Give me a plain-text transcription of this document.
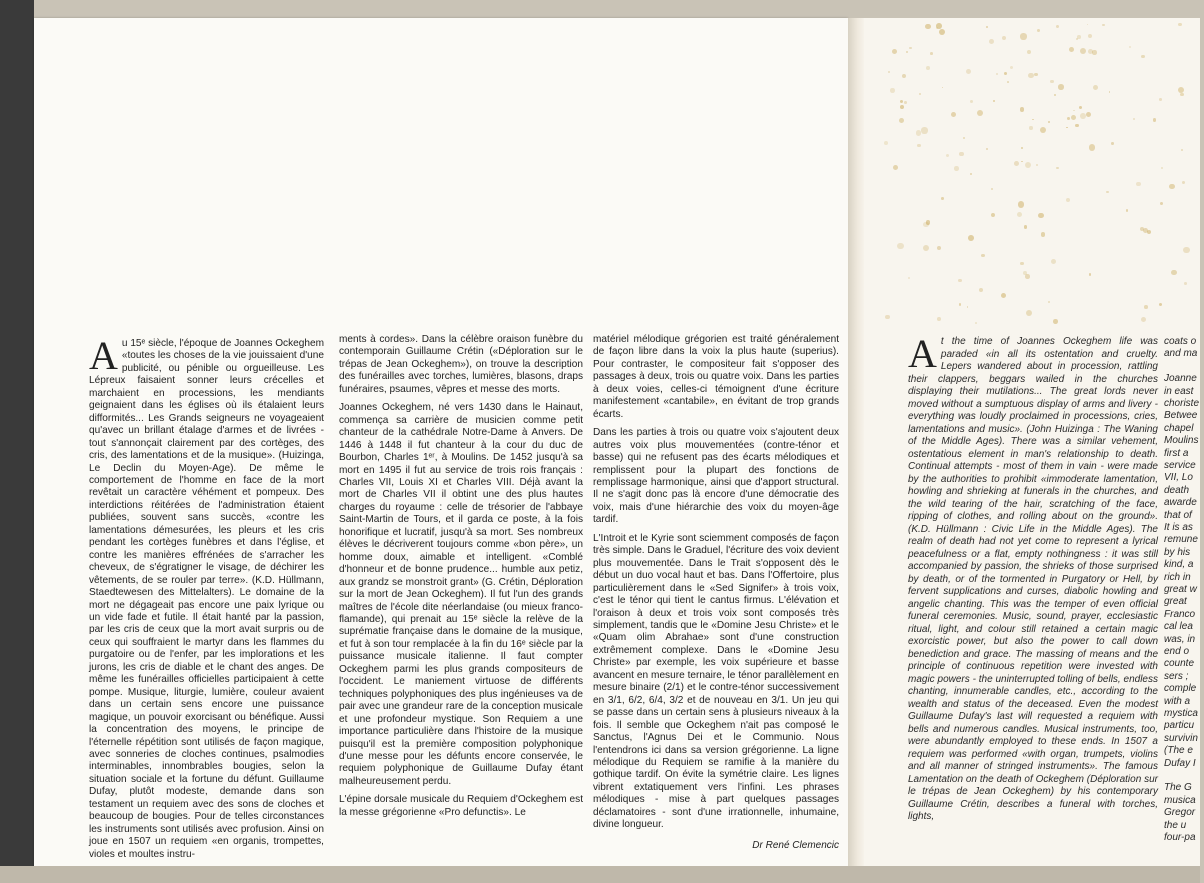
Au 15ᵉ siècle, l'époque de Joannes Ockeghem «toutes les choses de la vie jouissaient d'une publicité, ou pénible ou orgueilleuse. Les Lépreux faisaient sonner leurs crécelles et marchaient en processions, les mendiants geignaient dans les églises où ils étalaient leurs difformités... Les Grands seigneurs ne voyageaient qu'avec un brillant étalage d'armes et de livrées - tout s'annonçait clairement par des cortèges, des cris, des lamentations et de la musique». (Huizinga, Le Declin du Moyen-Age). De même le comportement de l'homme en face de la mort revêtait un caractère véhément et pompeux. Des interdictions réitérées de l'administration étaient publiées, souvent sans succès, «contre les lamentations démesurées, les pleurs et les cris pendant les cortèges funèbres et dans l'église, et contre les manières effrénées de s'arracher les cheveux, de s'égratigner le visage, de déchirer les vêtements, de se rouler par terre». (K.D. Hüllmann, Staedtewesen des Mittelalters). Le domaine de la mort ne dégageait pas encore une paix lyrique ou un vide fade et futile. Il était hanté par la passion, par les cris de ceux que la mort avait surpris ou de ceux qui souffraient le martyr dans les flammes du purgatoire ou de l'enfer, par les implorations et les jurons, les cris de diable et le chant des anges. De même les funérailles officielles participaient à cette pompe. Musique, liturgie, lumière, couleur avaient dans un certain sens encore une puissance magique, un pouvoir exorcisant ou bénéfique. Aussi la concentration des moyens, le principe de l'éternelle répétition sont utilisés de façon magique, avec sonneries de cloches continues, psalmodies interminables, innombrables bougies, selon la situation sociale et la fortune du défunt. Guillaume Dufay, plutôt modeste, demande dans son testament un requiem avec des sons de cloches et beaucoup de bougies. Pour de telles circonstances les instruments sont utilisés avec profusion. Ainsi on joue en 1507 un requiem «en organis, trompettes, violes et moultes instru-

ments à cordes». Dans la célèbre oraison funèbre du contemporain Guillaume Crétin («Déploration sur le trépas de Jean Ockeghem»), on trouve la description des funérailles avec torches, lumières, blasons, draps funéraires, psaumes, vêpres et messe des morts.

Joannes Ockeghem, né vers 1430 dans le Hainaut, commença sa carrière de musicien comme petit chanteur de la cathédrale Notre-Dame à Anvers. De 1446 à 1448 il fut chanteur à la cour du duc de Bourbon, Charles 1ᵉʳ, à Moulins. De 1452 jusqu'à sa mort en 1495 il fut au service de trois rois français : Charles VII, Louis XI et Charles VIII. Déjà avant la mort de Charles VII il obtint une des plus hautes charges du royaume : celle de trésorier de l'abbaye Saint-Martin de Tours, et il garda ce poste, à la fois honorifique et lucratif, jusqu'à sa mort. Ses nombreux élèves le décriverent toujours comme «bon père», un homme doux, aimable et intelligent. «Comblé d'honneur et de bonne prudence... humble aux petiz, aux grandz se monstroit grant» (G. Crétin, Déploration sur la mort de Jean Ockeghem). Il fut l'un des grands maîtres de l'école dite néerlandaise (ou mieux franco-flamande), qui prenait au 15ᵉ siècle la relève de la suprématie française dans le domaine de la musique, et fut à son tour remplacée à la fin du 16ᵉ siècle par la puissance musicale italienne. Il faut compter Ockeghem parmi les plus grands compositeurs de l'occident. Le maniement virtuose de différents techniques polyphoniques des plus ingénieuses va de pair avec une grandeur rare de la conception musicale et une profondeur mystique. Son Requiem a une importance particulière dans l'histoire de la musique puisqu'il est la première composition polyphonique d'une messe pour les défunts encore conservée, le requiem polyphonique de Guillaume Dufay étant malheureusement perdu.

L'épine dorsale musicale du Requiem d'Ockeghem est la messe grégorienne «Pro defunctis». Le

matériel mélodique grégorien est traité généralement de façon libre dans la voix la plus haute (superius). Pour contraster, le compositeur fait s'opposer des passages à deux, trois ou quatre voix. Dans les parties à deux voies, celles-ci témoignent d'une écriture manifestement «cantabile», en évitant de trop grands écarts.

Dans les parties à trois ou quatre voix s'ajoutent deux autres voix plus mouvementées (contre-ténor et basse) qui ne refusent pas des écarts mélodiques et remplissent pour la plupart des fonctions de remplissage harmonique, ainsi que d'apport structural. Il ne s'agit donc pas là encore d'une démocratie des voix, mais d'une hiérarchie des voix du moyen-âge tardif.

L'Introit et le Kyrie sont sciemment composés de façon très simple. Dans le Graduel, l'écriture des voix devient plus mouvementée. Dans le Trait s'opposent dès le début un duo vocal haut et bas. Dans l'Offertoire, plus particulièrement dans le «Sed Signifer» à trois voix, c'est le ténor qui tient le cantus firmus. L'élévation et l'oraison à deux et trois voix sont composés très simplement, tandis que le «Domine Jesu Christe» et le «Quam olim Abrahae» sont d'une construction extrêmement complexe. Dans le «Domine Jesu Christe» par exemple, les voix supérieure et basse avancent en mesure ternaire, le ténor parallèlement en mesure binaire (2/1) et le contre-ténor successivement en 3/1, 6/2, 6/4, 3/2 et de nouveau en 3/1. Un jeu qui se passe dans un certain sens à plusieurs niveaux à la fois. Il semble que Ockeghem n'ait pas composé le Sanctus, l'Agnus Dei et le Communio. Nous l'entendrons ici dans sa version grégorienne. La ligne mélodique du Requiem se ramifie à la manière du gothique tardif. On évite la symétrie claire. Les lignes vibrent extatiquement vers l'infini. Les phrases mélodiques - mise à part quelques passages déclamatoires - sont d'une irrationnelle, inhumaine, divine longueur.

Dr René Clemencic
At the time of Joannes Ockeghem life was paraded «in all its ostentation and cruelty. Lepers wandered about in procession, rattling their clappers, beggars wailed in the churches displaying their mutilations... The great lords never moved without a sumptuous display of arms and livery - everything was loudly proclaimed in processions, cries, lamentations and music». (John Huizinga : The Waning of the Middle Ages). There was a similar vehement, ostentatious element in man's relationship to death. Continual attempts - most of them in vain - were made by the authorities to prohibit «immoderate lamentation, howling and shrieking at funerals in the churches, and the wild tearing of the hair, scratching of the face, ripping of clothes, and rolling about on the ground». (K.D. Hüllmann : Civic Life in the Middle Ages). The realm of death had not yet come to represent a lyrical peacefulness or a flat, empty nothingness : it was still accompanied by passion, the shrieks of those surprised by death, or of the tormented in Purgatory or Hell, by fervent supplications and curses, diabolic howling and angelic chanting. This was the temper of even official funeral ceremonies. Music, sound, prayer, ecclesiastic ritual, light, and colour still retained a certain magic exorcistic power, but also the power to call down benediction and grace. The massing of means and the principle of continuous repetition were invested with magic powers - the uninterrupted tolling of bells, endless chanting, innumerable candles, etc., according to the wealth and status of the deceased. Even the modest Guillaume Dufay's last will requested a requiem with bells and numerous candles. Musical instruments, too, were abundantly employed to these ends. In 1507 a requiem was performed «with organ, trumpets, violins and all manner of stringed instruments». The famous Lamentation on the death of Ockeghem (Déploration sur le trépas de Jean Ockeghem) by his contemporary Guillaume Crétin, describes a funeral with torches, lights,
coats o
and ma
Joanne
in east
choriste
Betwee
chapel
Moulins
first a
service
VII, Lo
death
awarde
that of
It is as
remune
by his
kind, a
rich in
great w
great
Franco
cal lea
was, in
end o
counte
sers ;
comple
with a
mystica
particu
survivin
(The e
Dufay I
The G
musica
Gregor
the u
four-pa
